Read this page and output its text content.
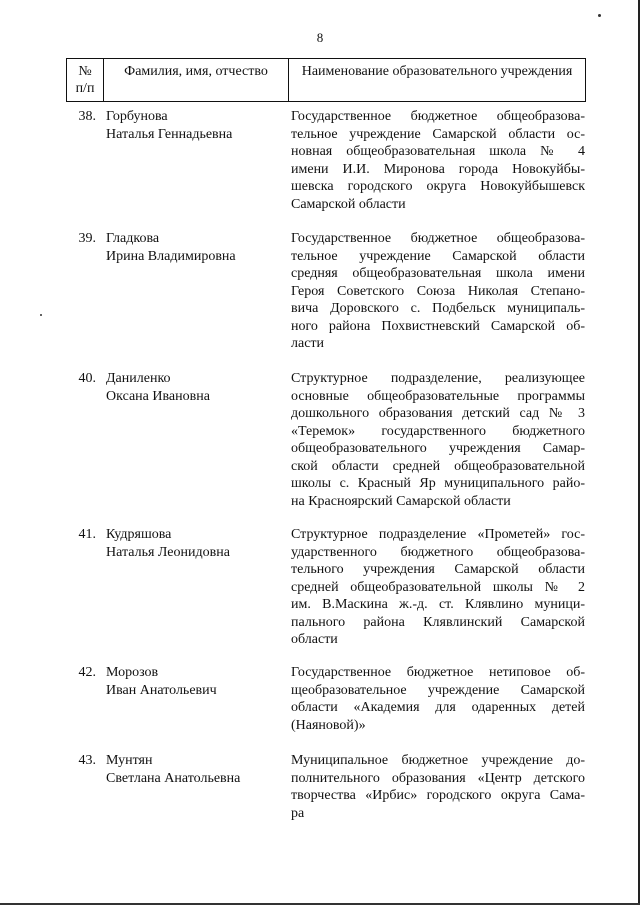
8
№
п/п
Фамилия, имя, отчество	Наименование образовательного учреждения
38. Горбунова
Наталья Геннадьевна
Государственное бюджетное общеобразова-
тельное учреждение Самарской области ос-
новная общеобразовательная школа № 4
имени И.И. Миронова города Новокуйбы-
шевска городского округа Новокуйбышевск
Самарской области
39. Гладкова
Ирина Владимировна
Государственное бюджетное общеобразова-
тельное учреждение Самарской области
средняя общеобразовательная школа имени
Героя Советского Союза Николая Степано-
вича Доровского с. Подбельск муниципаль-
ного района Похвистневский Самарской об-
ласти
40. Даниленко
Оксана Ивановна
Структурное подразделение, реализующее
основные общеобразовательные программы
дошкольного образования детский сад № 3
«Теремок» государственного бюджетного
общеобразовательного учреждения Самар-
ской области средней общеобразовательной
школы с. Красный Яр муниципального райо-
на Красноярский Самарской области
41. Кудряшова
Наталья Леонидовна
Структурное подразделение «Прометей» гос-
ударственного бюджетного общеобразова-
тельного учреждения Самарской области
средней общеобразовательной школы № 2
им. В.Маскина ж.-д. ст. Клявлино муници-
пального района Клявлинский Самарской
области
42. Морозов
Иван Анатольевич
Государственное бюджетное нетиповое об-
щеобразовательное учреждение Самарской
области «Академия для одаренных детей
(Наяновой)»
43. Мунтян
Светлана Анатольевна
Муниципальное бюджетное учреждение до-
полнительного образования «Центр детского
творчества «Ирбис» городского округа Сама-
ра
